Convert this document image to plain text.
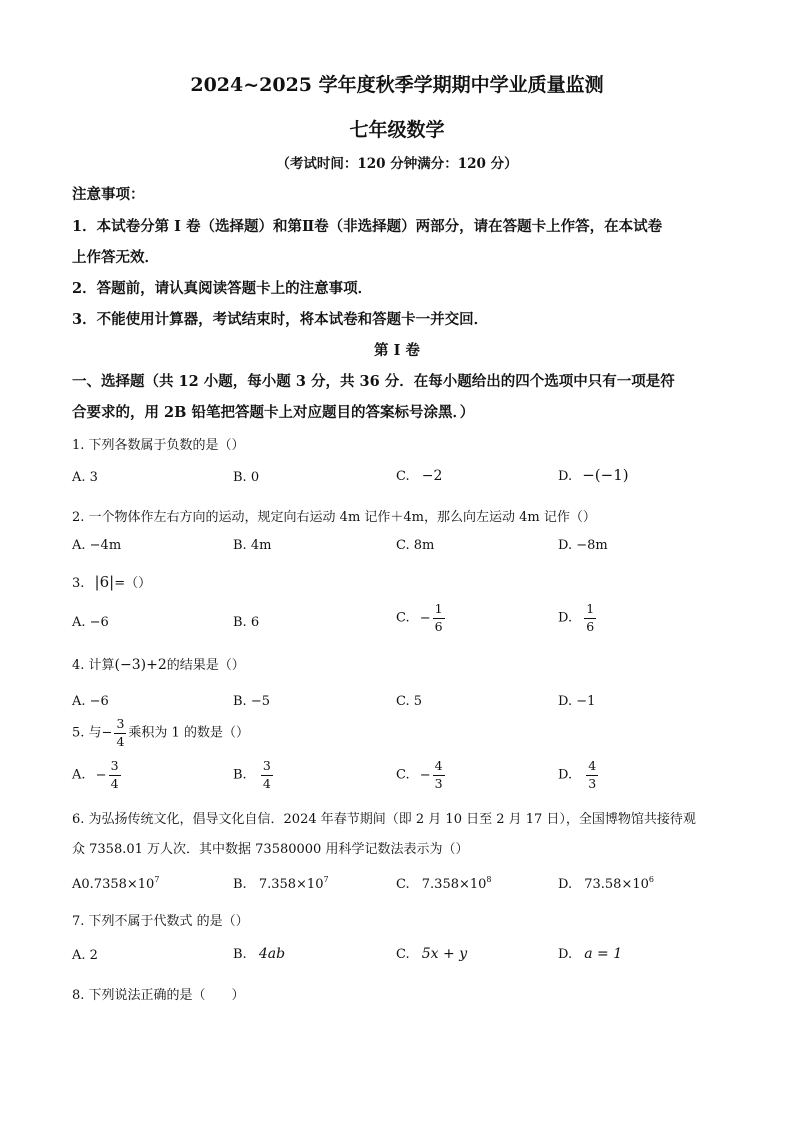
2024~2025 学年度秋季学期期中学业质量监测
七年级数学
（考试时间：120 分钟满分：120 分）
注意事项：
1．本试卷分第 I 卷（选择题）和第Ⅱ卷（非选择题）两部分，请在答题卡上作答，在本试卷
上作答无效．
2．答题前，请认真阅读答题卡上的注意事项．
3．不能使用计算器，考试结束时，将本试卷和答题卡一并交回．
第 I 卷
一、选择题（共 12 小题，每小题 3 分，共 36 分．在每小题给出的四个选项中只有一项是符
合要求的，用 2B 铅笔把答题卡上对应题目的答案标号涂黑．）
1. 下列各数属于负数的是（）
A. 3	B. 0	C. −2	D. −(−1)
2. 一个物体作左右方向的运动，规定向右运动 4m 记作＋4m，那么向左运动 4m 记作（）
A. −4m	B. 4m	C. 8m	D. −8m
3. |6|=（）
A. −6	B. 6	C. − $\frac{1}{6}$	D. $\frac{1}{6}$
4. 计算(−3)+2的结果是（）
A. −6	B. −5	C. 5	D. −1
5. 与− $\frac{3}{4}$ 乘积为 1 的数是（）
A. − $\frac{3}{4}$	B. $\frac{3}{4}$	C. − $\frac{4}{3}$	D. $\frac{4}{3}$
6. 为弘扬传统文化，倡导文化自信．2024 年春节期间（即 2 月 10 日至 2 月 17 日），全国博物馆共接待观
众 7358.01 万人次．其中数据 73580000 用科学记数法表示为（）
$A0.7358\times 10^7$	B. $7.358\times 10^7$	C. $7.358\times 10^8$	D. $73.58\times 10^6$
7. 下列不属于代数式 的是（）
A. 2	B. 4ab	C. 5x + y	D. a = 1
8. 下列说法正确的是（　　）
